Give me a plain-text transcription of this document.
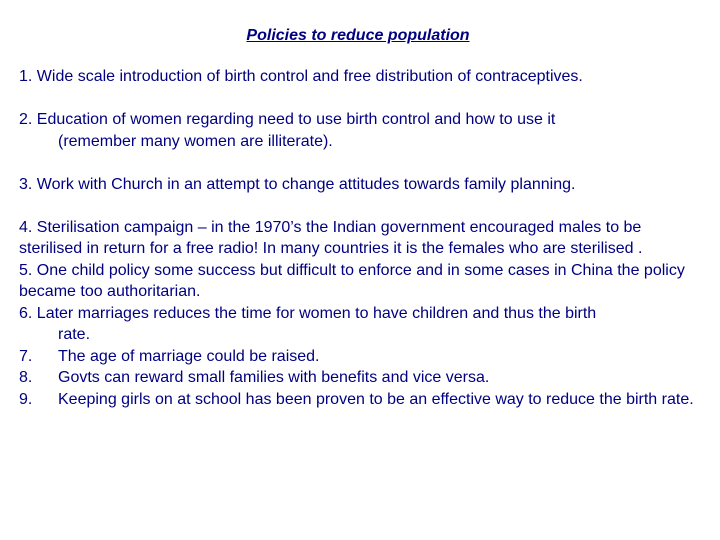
Policies to reduce population

1. Wide scale introduction of birth control and free distribution of contraceptives.

2. Education of women regarding need to use birth control and how to use it

(remember many women are illiterate).

3. Work with Church in an attempt to change attitudes towards family planning.

4. Sterilisation campaign – in the 1970’s the Indian government encouraged males to be sterilised in return for a free radio! In many countries it is the females who are sterilised .

5. One child policy some success but difficult to enforce and in some cases in China the policy became too authoritarian.

6. Later marriages reduces the time for women to have children and thus the birth

rate.

7.	The age of marriage could be raised.
8.	Govts can reward small families with benefits and vice versa.
9.	Keeping girls on at school has been proven to be an effective way to reduce the birth rate.
